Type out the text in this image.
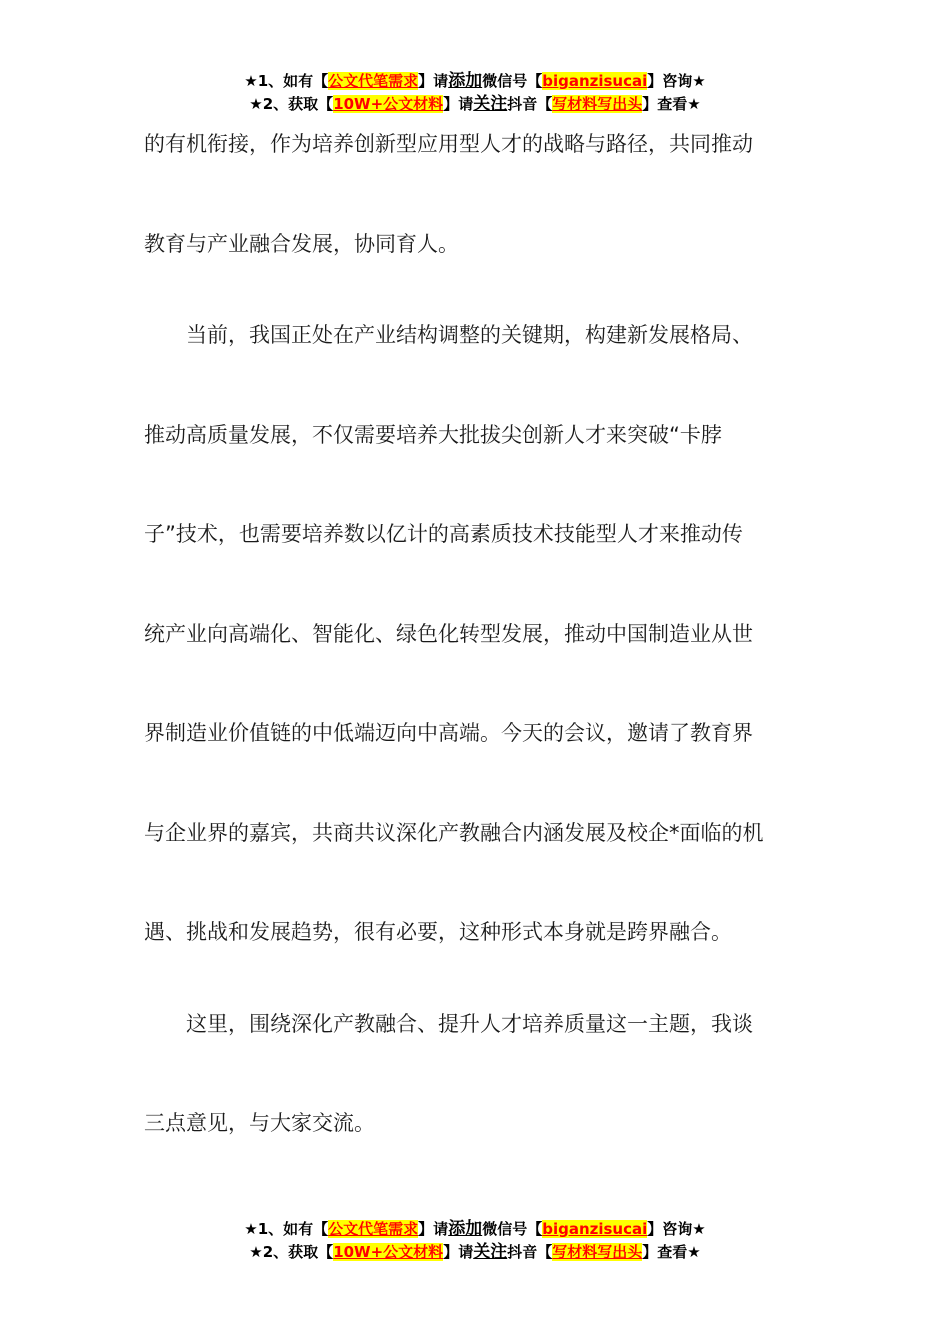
★1、如有【公文代笔需求】请添加微信号【biganzisucai】咨询★
★2、获取【10W+公文材料】请关注抖音【写材料写出头】查看★
的有机衔接，作为培养创新型应用型人才的战略与路径，共同推动
教育与产业融合发展，协同育人。
　　当前，我国正处在产业结构调整的关键期，构建新发展格局、
推动高质量发展，不仅需要培养大批拔尖创新人才来突破“卡脖
子”技术，也需要培养数以亿计的高素质技术技能型人才来推动传
统产业向高端化、智能化、绿色化转型发展，推动中国制造业从世
界制造业价值链的中低端迈向中高端。今天的会议，邀请了教育界
与企业界的嘉宾，共商共议深化产教融合内涵发展及校企*面临的机
遇、挑战和发展趋势，很有必要，这种形式本身就是跨界融合。
　　这里，围绕深化产教融合、提升人才培养质量这一主题，我谈
三点意见，与大家交流。
★1、如有【公文代笔需求】请添加微信号【biganzisucai】咨询★
★2、获取【10W+公文材料】请关注抖音【写材料写出头】查看★
